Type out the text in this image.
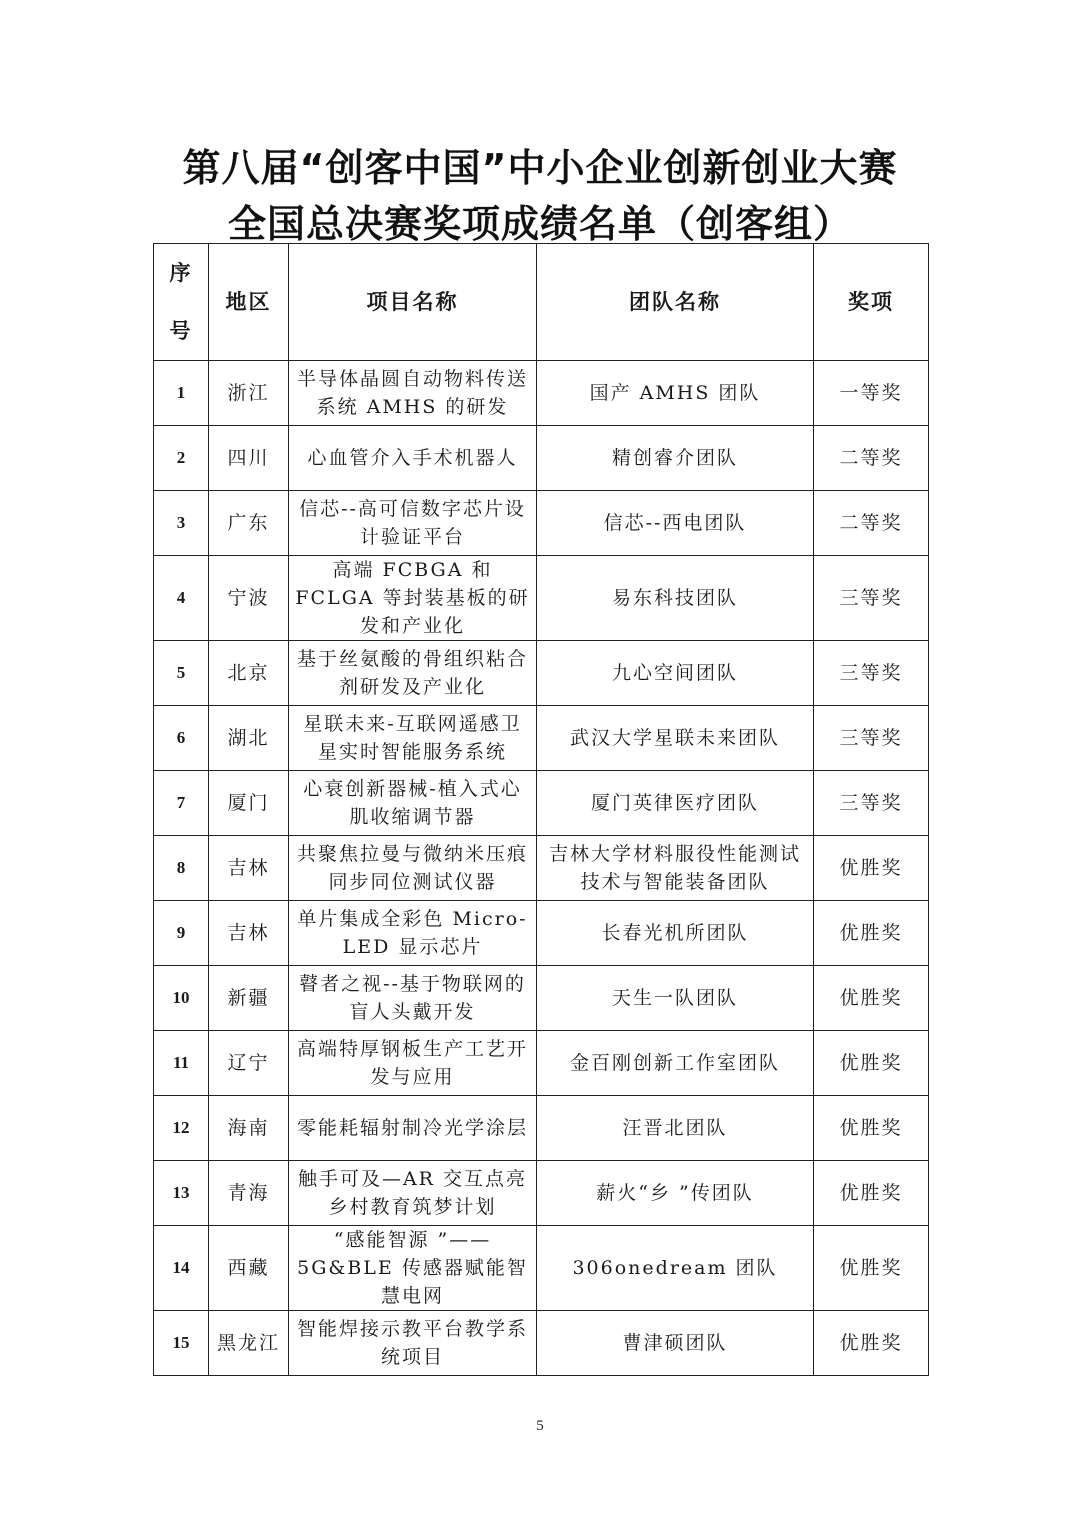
第八届“创客中国”中小企业创新创业大赛
全国总决赛奖项成绩名单（创客组）
序
号	地区	项目名称	团队名称	奖项
1	浙江	半导体晶圆自动物料传送系统 AMHS 的研发	国产 AMHS 团队	一等奖
2	四川	心血管介入手术机器人	精创睿介团队	二等奖
3	广东	信芯--高可信数字芯片设计验证平台	信芯--西电团队	二等奖
4	宁波	高端 FCBGA 和 FCLGA 等封装基板的研发和产业化	易东科技团队	三等奖
5	北京	基于丝氨酸的骨组织粘合剂研发及产业化	九心空间团队	三等奖
6	湖北	星联未来-互联网遥感卫星实时智能服务系统	武汉大学星联未来团队	三等奖
7	厦门	心衰创新器械-植入式心肌收缩调节器	厦门英律医疗团队	三等奖
8	吉林	共聚焦拉曼与微纳米压痕同步同位测试仪器	吉林大学材料服役性能测试技术与智能装备团队	优胜奖
9	吉林	单片集成全彩色 Micro-LED 显示芯片	长春光机所团队	优胜奖
10	新疆	瞽者之视--基于物联网的盲人头戴开发	天生一队团队	优胜奖
11	辽宁	高端特厚钢板生产工艺开发与应用	金百刚创新工作室团队	优胜奖
12	海南	零能耗辐射制冷光学涂层	汪晋北团队	优胜奖
13	青海	触手可及—AR 交互点亮乡村教育筑梦计划	薪火“乡 ”传团队	优胜奖
14	西藏	“感能智源 ”——5G&BLE 传感器赋能智慧电网	306onedream 团队	优胜奖
15	黑龙江	智能焊接示教平台教学系统项目	曹津硕团队	优胜奖
5
